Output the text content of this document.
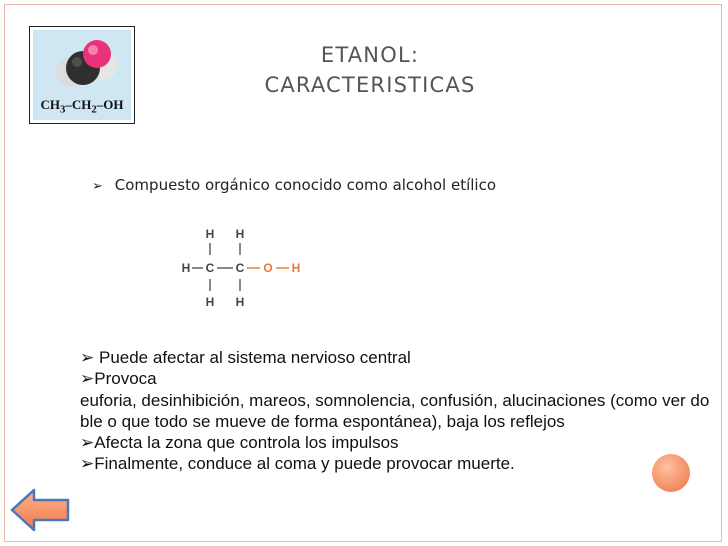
$CH_3-CH_2-OH$
ETANOL:
CARACTERISTICAS
➢ Compuesto orgánico conocido como alcohol etílico
H H
H C C O H
H H

➢ Puede afectar al sistema nervioso central

➢Provoca

euforia, desinhibición, mareos, somnolencia, confusión, alucinaciones (como ver doble o que todo se mueve de forma espontánea), baja los reflejos

➢Afecta la zona que controla los impulsos

➢Finalmente, conduce al coma y puede provocar muerte.
